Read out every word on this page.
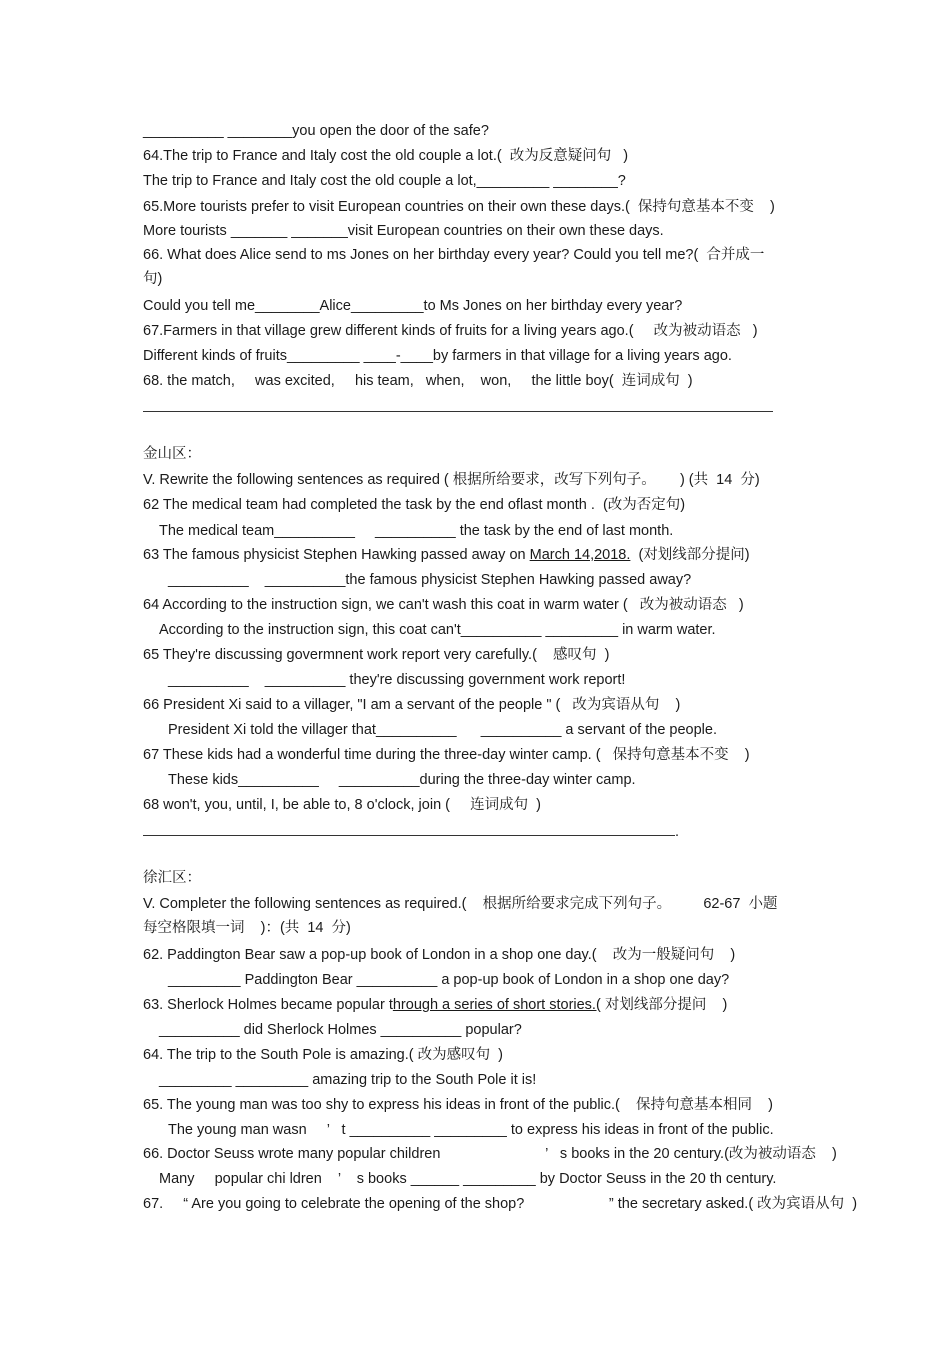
__________ ________you open the door of the safe?
64.The trip to France and Italy cost the old couple a lot.(  改为反意疑问句   )
The trip to France and Italy cost the old couple a lot,_________ ________?
65.More tourists prefer to visit European countries on their own these days.(  保持句意基本不变    )
More tourists _______ _______visit European countries on their own these days.
66. What does Alice send to ms Jones on her birthday every year? Could you tell me?(  合并成一
句)
Could you tell me________Alice_________to Ms Jones on her birthday every year?
67.Farmers in that village grew different kinds of fruits for a living years ago.(     改为被动语态   )
Different kinds of fruits_________ ____-____by farmers in that village for a living years ago.
68. the match,     was excited,     his team,   when,    won,     the little boy(  连词成句  )
金山区：
V. Rewrite the following sentences as required ( 根据所给要求，改写下列句子。      ) (共  14  分)
62 The medical team had completed the task by the end oflast month .  (改为否定句)
The medical team__________     __________ the task by the end of last month.
63 The famous physicist Stephen Hawking passed away on March 14,2018.  (对划线部分提问)
__________    __________the famous physicist Stephen Hawking passed away?
64 According to the instruction sign, we can't wash this coat in warm water (   改为被动语态   )
According to the instruction sign, this coat can't__________ _________ in warm water.
65 They're discussing govermnent work report very carefully.(    感叹句  )
__________    __________ they're discussing government work report!
66 President Xi said to a villager, "I am a servant of the people " (   改为宾语从句    )
President Xi told the villager that__________      __________ a servant of the people.
67 These kids had a wonderful time during the three-day winter camp. (   保持句意基本不变    )
These kids__________     __________during the three-day winter camp.
68 won't, you, until, I, be able to, 8 o'clock, join (     连词成句  )
.
徐汇区：
V. Completer the following sentences as required.(    根据所给要求完成下列句子。        62-67  小题
每空格限填一词    )：(共  14  分)
62. Paddington Bear saw a pop-up book of London in a shop one day.(    改为一般疑问句    )
_________ Paddington Bear __________ a pop-up book of London in a shop one day?
63. Sherlock Holmes became popular through a series of short stories.( 对划线部分提问    )
__________ did Sherlock Holmes __________ popular?
64. The trip to the South Pole is amazing.( 改为感叹句  )
_________ _________ amazing trip to the South Pole it is!
65. The young man was too shy to express his ideas in front of the public.(    保持句意基本相同    )
The young man wasn     ’   t __________ _________ to express his ideas in front of the public.
66. Doctor Seuss wrote many popular children                          ’   s books in the 20 century.(改为被动语态    )
Many     popular chi ldren    ’    s books ______ _________ by Doctor Seuss in the 20 th century.
67.     “ Are you going to celebrate the opening of the shop?                     ” the secretary asked.( 改为宾语从句  )
